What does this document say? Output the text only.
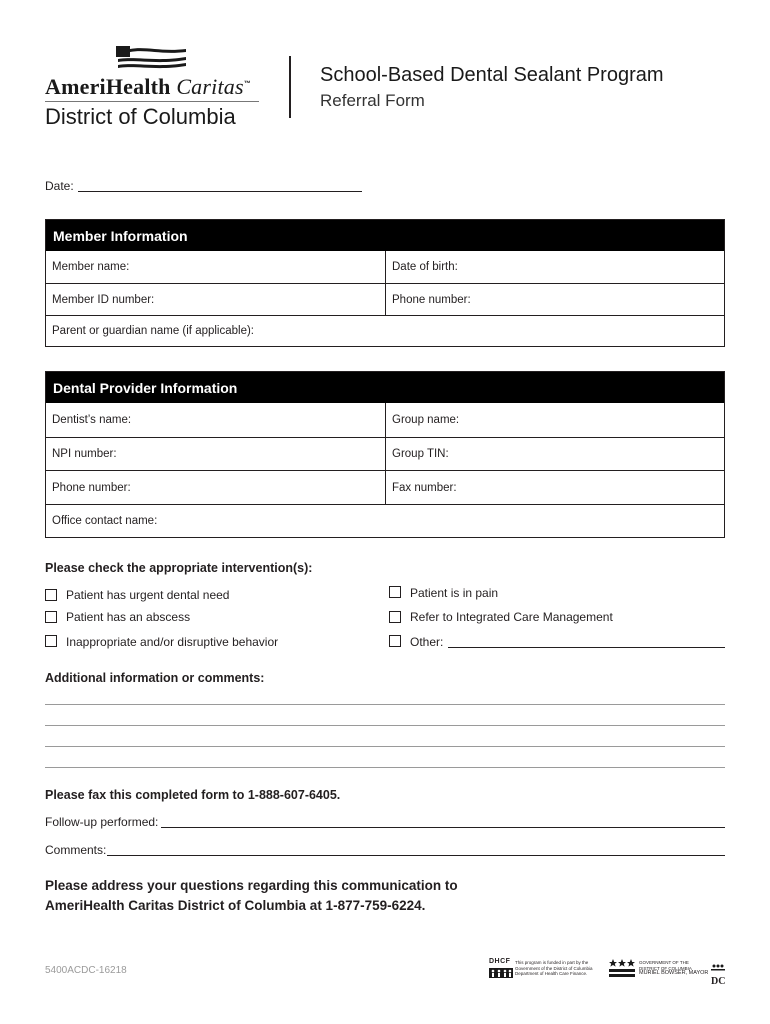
AmeriHealth Caritas™
District of Columbia
School-Based Dental Sealant Program
Referral Form
Date:
Member Information
Member name:	Date of birth:
Member ID number:	Phone number:
Parent or guardian name (if applicable):
Dental Provider Information
Dentist’s name:	Group name:
NPI number:	Group TIN:
Phone number:	Fax number:
Office contact name:
Please check the appropriate intervention(s):
Patient has urgent dental need	Patient is in pain
Patient has an abscess	Refer to Integrated Care Management
Inappropriate and/or disruptive behavior	Other:
Additional information or comments:
Please fax this completed form to 1-888-607-6405.
Follow-up performed:
Comments:
Please address your questions regarding this communication to
AmeriHealth Caritas District of Columbia at 1-877-759-6224.
5400ACDC-16218
DHCF	This program is funded in part by the
Government of the District of Columbia
Department of Health Care Finance.
GOVERNMENT OF THE
DISTRICT OF COLUMBIA
MURIEL BOWSER, MAYOR
DC
